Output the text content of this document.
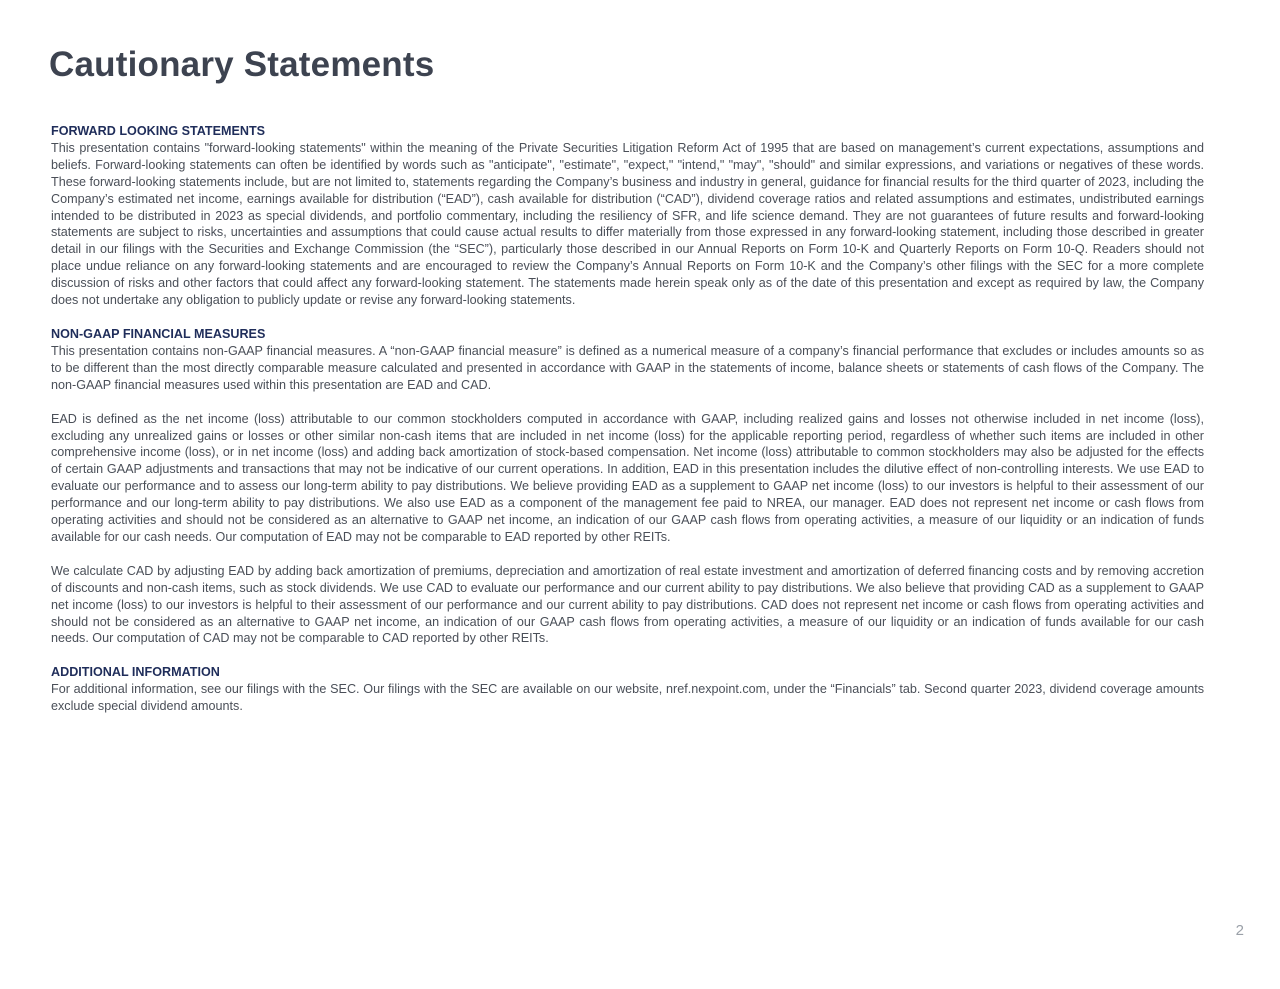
Cautionary Statements
FORWARD LOOKING STATEMENTS

This presentation contains "forward-looking statements" within the meaning of the Private Securities Litigation Reform Act of 1995 that are based on management’s current expectations, assumptions and beliefs. Forward-looking statements can often be identified by words such as "anticipate", "estimate", "expect," "intend," "may", "should" and similar expressions, and variations or negatives of these words. These forward-looking statements include, but are not limited to, statements regarding the Company’s business and industry in general, guidance for financial results for the third quarter of 2023, including the Company’s estimated net income, earnings available for distribution (“EAD”), cash available for distribution (“CAD”), dividend coverage ratios and related assumptions and estimates, undistributed earnings intended to be distributed in 2023 as special dividends, and portfolio commentary, including the resiliency of SFR, and life science demand. They are not guarantees of future results and forward-looking statements are subject to risks, uncertainties and assumptions that could cause actual results to differ materially from those expressed in any forward-looking statement, including those described in greater detail in our filings with the Securities and Exchange Commission (the “SEC”), particularly those described in our Annual Reports on Form 10-K and Quarterly Reports on Form 10-Q. Readers should not place undue reliance on any forward-looking statements and are encouraged to review the Company’s Annual Reports on Form 10-K and the Company’s other filings with the SEC for a more complete discussion of risks and other factors that could affect any forward-looking statement. The statements made herein speak only as of the date of this presentation and except as required by law, the Company does not undertake any obligation to publicly update or revise any forward-looking statements.

NON-GAAP FINANCIAL MEASURES

This presentation contains non-GAAP financial measures. A “non-GAAP financial measure” is defined as a numerical measure of a company’s financial performance that excludes or includes amounts so as to be different than the most directly comparable measure calculated and presented in accordance with GAAP in the statements of income, balance sheets or statements of cash flows of the Company. The non-GAAP financial measures used within this presentation are EAD and CAD.

EAD is defined as the net income (loss) attributable to our common stockholders computed in accordance with GAAP, including realized gains and losses not otherwise included in net income (loss), excluding any unrealized gains or losses or other similar non-cash items that are included in net income (loss) for the applicable reporting period, regardless of whether such items are included in other comprehensive income (loss), or in net income (loss) and adding back amortization of stock-based compensation. Net income (loss) attributable to common stockholders may also be adjusted for the effects of certain GAAP adjustments and transactions that may not be indicative of our current operations. In addition, EAD in this presentation includes the dilutive effect of non-controlling interests. We use EAD to evaluate our performance and to assess our long-term ability to pay distributions. We believe providing EAD as a supplement to GAAP net income (loss) to our investors is helpful to their assessment of our performance and our long-term ability to pay distributions. We also use EAD as a component of the management fee paid to NREA, our manager. EAD does not represent net income or cash flows from operating activities and should not be considered as an alternative to GAAP net income, an indication of our GAAP cash flows from operating activities, a measure of our liquidity or an indication of funds available for our cash needs. Our computation of EAD may not be comparable to EAD reported by other REITs.

We calculate CAD by adjusting EAD by adding back amortization of premiums, depreciation and amortization of real estate investment and amortization of deferred financing costs and by removing accretion of discounts and non-cash items, such as stock dividends. We use CAD to evaluate our performance and our current ability to pay distributions. We also believe that providing CAD as a supplement to GAAP net income (loss) to our investors is helpful to their assessment of our performance and our current ability to pay distributions. CAD does not represent net income or cash flows from operating activities and should not be considered as an alternative to GAAP net income, an indication of our GAAP cash flows from operating activities, a measure of our liquidity or an indication of funds available for our cash needs. Our computation of CAD may not be comparable to CAD reported by other REITs.

ADDITIONAL INFORMATION

For additional information, see our filings with the SEC. Our filings with the SEC are available on our website, nref.nexpoint.com, under the “Financials” tab. Second quarter 2023, dividend coverage amounts exclude special dividend amounts.

2
